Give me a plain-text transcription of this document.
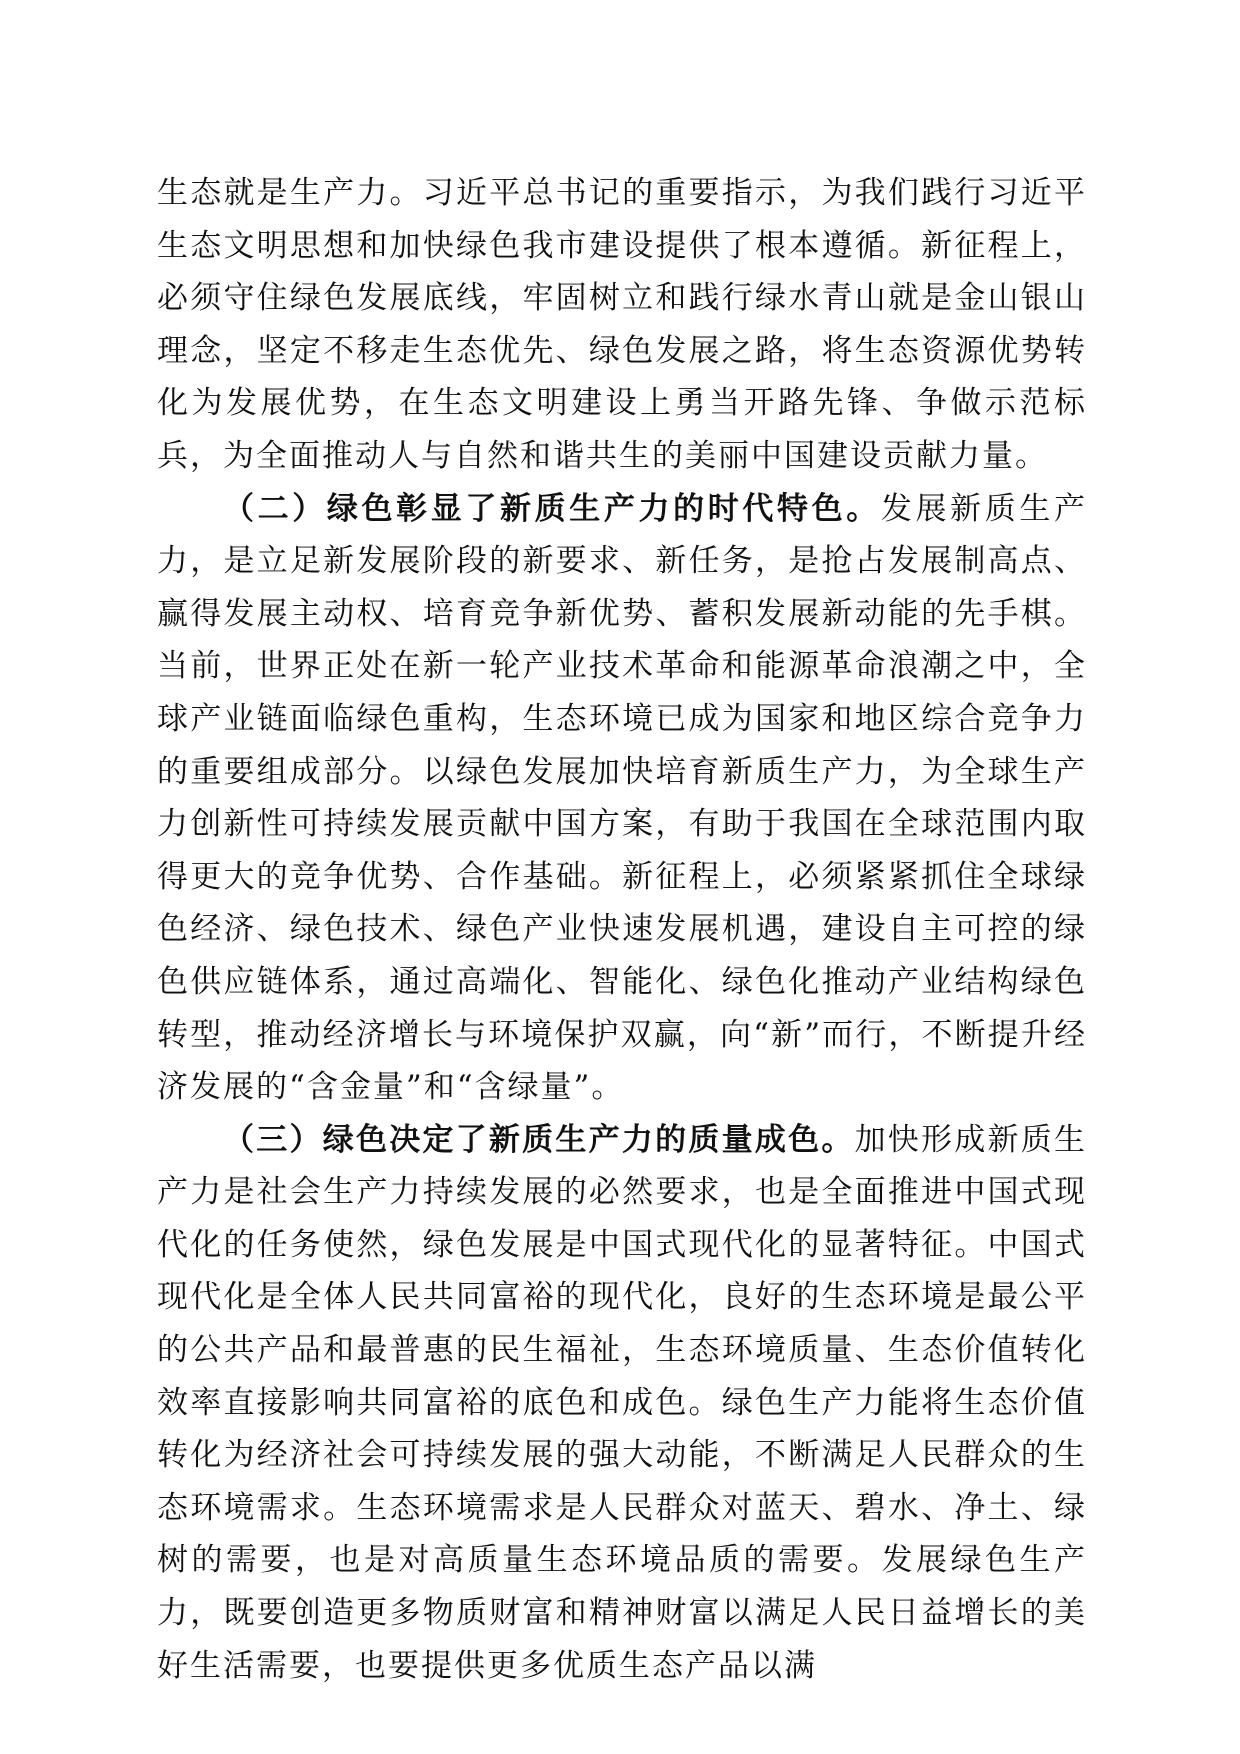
生态就是生产力。习近平总书记的重要指示，为我们践行习近平生态文明思想和加快绿色我市建设提供了根本遵循。新征程上，必须守住绿色发展底线，牢固树立和践行绿水青山就是金山银山理念，坚定不移走生态优先、绿色发展之路，将生态资源优势转化为发展优势，在生态文明建设上勇当开路先锋、争做示范标兵，为全面推动人与自然和谐共生的美丽中国建设贡献力量。

（二）绿色彰显了新质生产力的时代特色。发展新质生产力，是立足新发展阶段的新要求、新任务，是抢占发展制高点、赢得发展主动权、培育竞争新优势、蓄积发展新动能的先手棋。当前，世界正处在新一轮产业技术革命和能源革命浪潮之中，全球产业链面临绿色重构，生态环境已成为国家和地区综合竞争力的重要组成部分。以绿色发展加快培育新质生产力，为全球生产力创新性可持续发展贡献中国方案，有助于我国在全球范围内取得更大的竞争优势、合作基础。新征程上，必须紧紧抓住全球绿色经济、绿色技术、绿色产业快速发展机遇，建设自主可控的绿色供应链体系，通过高端化、智能化、绿色化推动产业结构绿色转型，推动经济增长与环境保护双赢，向“新”而行，不断提升经济发展的“含金量”和“含绿量”。

（三）绿色决定了新质生产力的质量成色。加快形成新质生产力是社会生产力持续发展的必然要求，也是全面推进中国式现代化的任务使然，绿色发展是中国式现代化的显著特征。中国式现代化是全体人民共同富裕的现代化，良好的生态环境是最公平的公共产品和最普惠的民生福祉，生态环境质量、生态价值转化效率直接影响共同富裕的底色和成色。绿色生产力能将生态价值转化为经济社会可持续发展的强大动能，不断满足人民群众的生态环境需求。生态环境需求是人民群众对蓝天、碧水、净土、绿树的需要，也是对高质量生态环境品质的需要。发展绿色生产力，既要创造更多物质财富和精神财富以满足人民日益增长的美好生活需要，也要提供更多优质生态产品以满
